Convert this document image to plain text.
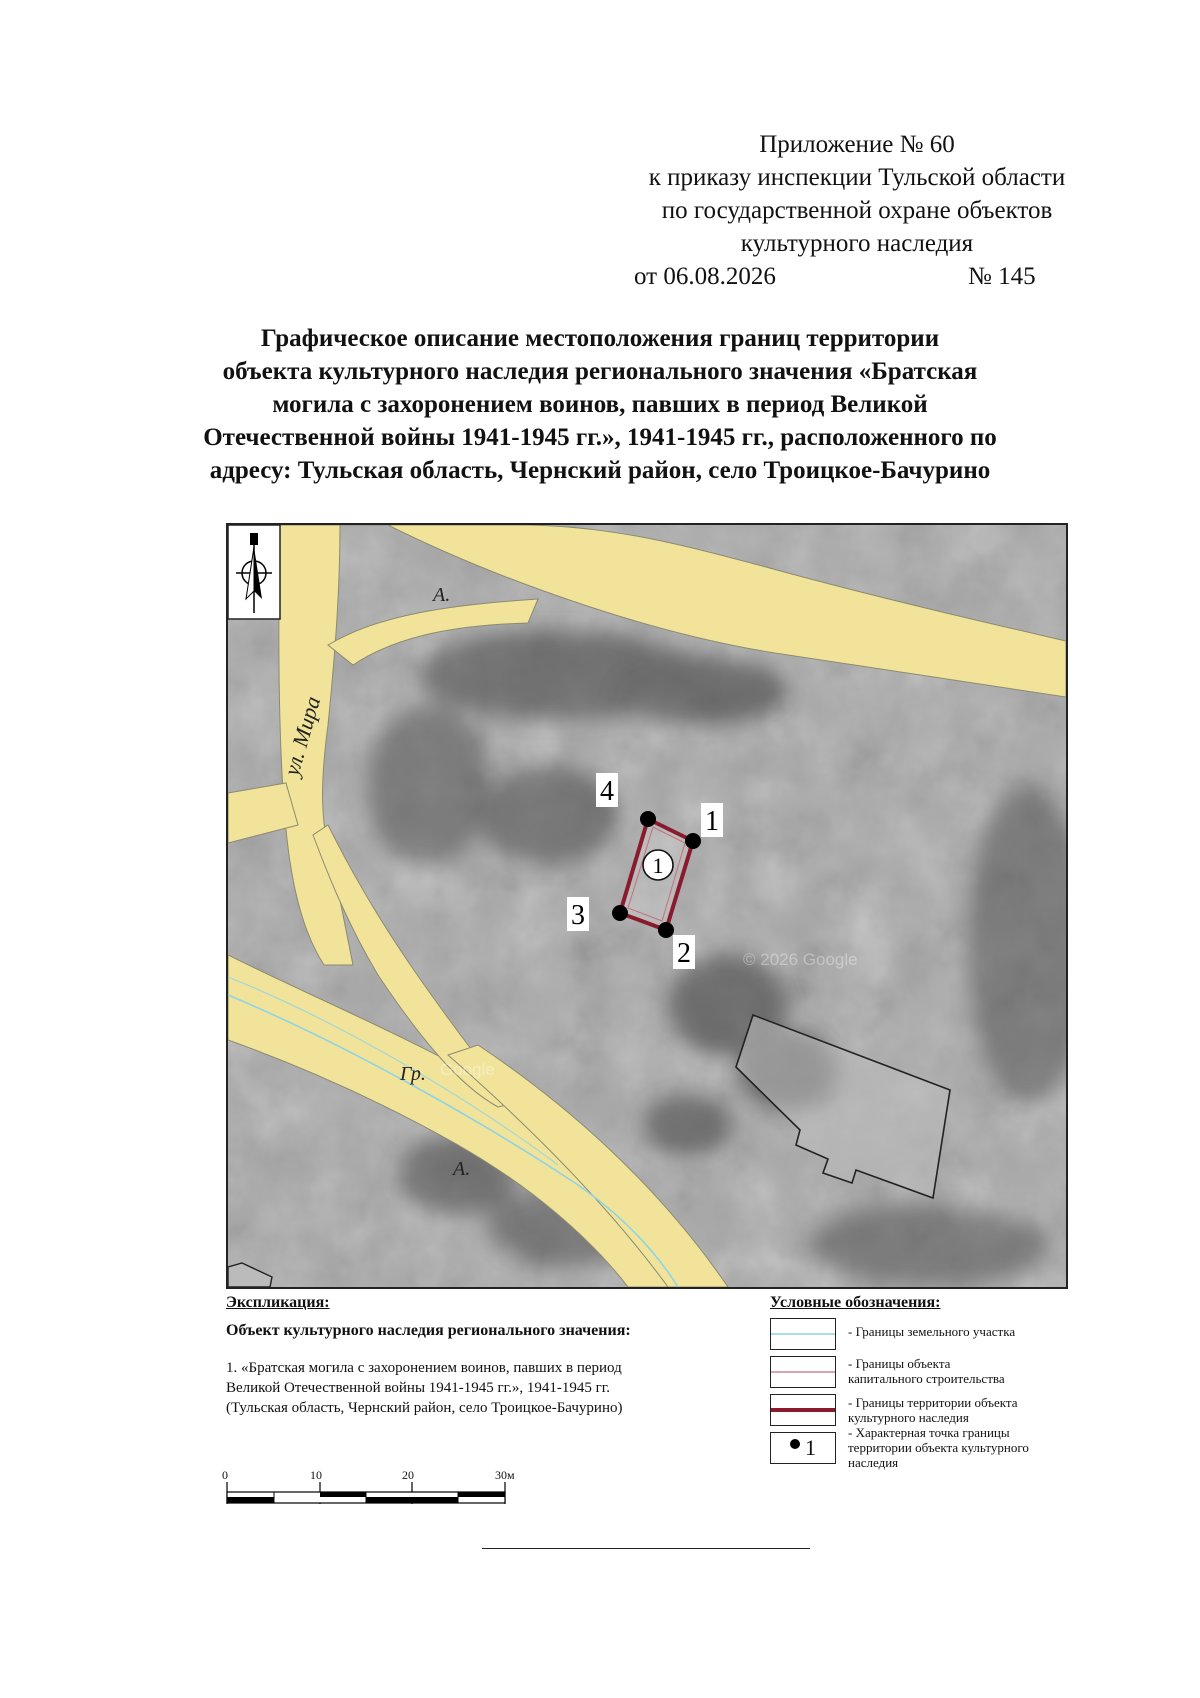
Приложение № 60
к приказу инспекции Тульской области
по государственной охране объектов
культурного наследия
от 06.08.2026	№ 145
Графическое описание местоположения границ территории
объекта культурного наследия регионального значения «Братская
могила с захоронением воинов, павших в период Великой
Отечественной войны 1941-1945 гг.», 1941-1945 гг., расположенного по
адресу: Тульская область, Чернский район, село Троицкое-Бачурино
1
1
2
3
4
А.
А.
Гр.
ул. Мира
© 2026 Google
Google
Экспликация:
Объект культурного наследия регионального значения:
1. «Братская могила с захоронением воинов, павших в период
Великой Отечественной войны 1941-1945 гг.», 1941-1945 гг.
(Тульская область, Чернский район, село Троицкое-Бачурино)
0	10	20	30м
Условные обозначения:
- Границы земельного участка
- Границы объекта
капитального строительства
- Границы территории объекта
культурного наследия
1
- Характерная точка границы
территории объекта культурного
наследия
